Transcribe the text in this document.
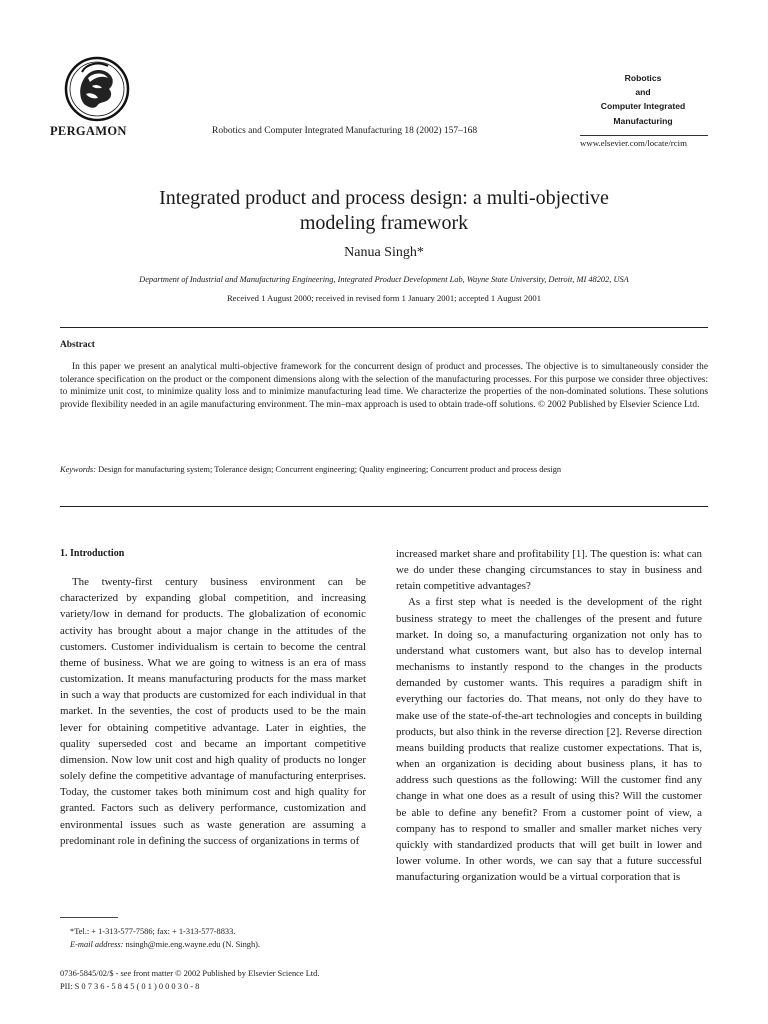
PERGAMON	Robotics and Computer Integrated Manufacturing 18 (2002) 157–168
Robotics
and
Computer Integrated
Manufacturing
www.elsevier.com/locate/rcim
Integrated product and process design: a multi-objective
modeling framework
Nanua Singh*
Department of Industrial and Manufacturing Engineering, Integrated Product Development Lab, Wayne State University, Detroit, MI 48202, USA
Received 1 August 2000; received in revised form 1 January 2001; accepted 1 August 2001
Abstract
In this paper we present an analytical multi-objective framework for the concurrent design of product and processes. The objective is to simultaneously consider the tolerance specification on the product or the component dimensions along with the selection of the manufacturing processes. For this purpose we consider three objectives: to minimize unit cost, to minimize quality loss and to minimize manufacturing lead time. We characterize the properties of the non-dominated solutions. These solutions provide flexibility needed in an agile manufacturing environment. The min–max approach is used to obtain trade-off solutions. © 2002 Published by Elsevier Science Ltd.
Keywords: Design for manufacturing system; Tolerance design; Concurrent engineering; Quality engineering; Concurrent product and process design

1. Introduction

The twenty-first century business environment can be characterized by expanding global competition, and increasing variety/low in demand for products. The globalization of economic activity has brought about a major change in the attitudes of the customers. Customer individualism is certain to become the central theme of business. What we are going to witness is an era of mass customization. It means manufacturing products for the mass market in such a way that products are customized for each individual in that market. In the seventies, the cost of products used to be the main lever for obtaining competitive advantage. Later in eighties, the quality superseded cost and became an important competitive dimension. Now low unit cost and high quality of products no longer solely define the competitive advantage of manufacturing enterprises. Today, the customer takes both minimum cost and high quality for granted. Factors such as delivery performance, customization and environmental issues such as waste generation are assuming a predominant role in defining the success of organizations in terms of

increased market share and profitability [1]. The question is: what can we do under these changing circumstances to stay in business and retain competitive advantages?

As a first step what is needed is the development of the right business strategy to meet the challenges of the present and future market. In doing so, a manufacturing organization not only has to understand what customers want, but also has to develop internal mechanisms to instantly respond to the changes in the products demanded by customer wants. This requires a paradigm shift in everything our factories do. That means, not only do they have to make use of the state-of-the-art technologies and concepts in building products, but also think in the reverse direction [2]. Reverse direction means building products that realize customer expectations. That is, when an organization is deciding about business plans, it has to address such questions as the following: Will the customer find any change in what one does as a result of using this? Will the customer be able to define any benefit? From a customer point of view, a company has to respond to smaller and smaller market niches very quickly with standardized products that will get built in lower and lower volume. In other words, we can say that a future successful manufacturing organization would be a virtual corporation that is

*Tel.: + 1-313-577-7586; fax: + 1-313-577-8833.
E-mail address: nsingh@mie.eng.wayne.edu (N. Singh).
0736-5845/02/$ - see front matter © 2002 Published by Elsevier Science Ltd.
PII: S 0 7 3 6 - 5 8 4 5 ( 0 1 ) 0 0 0 3 0 - 8
